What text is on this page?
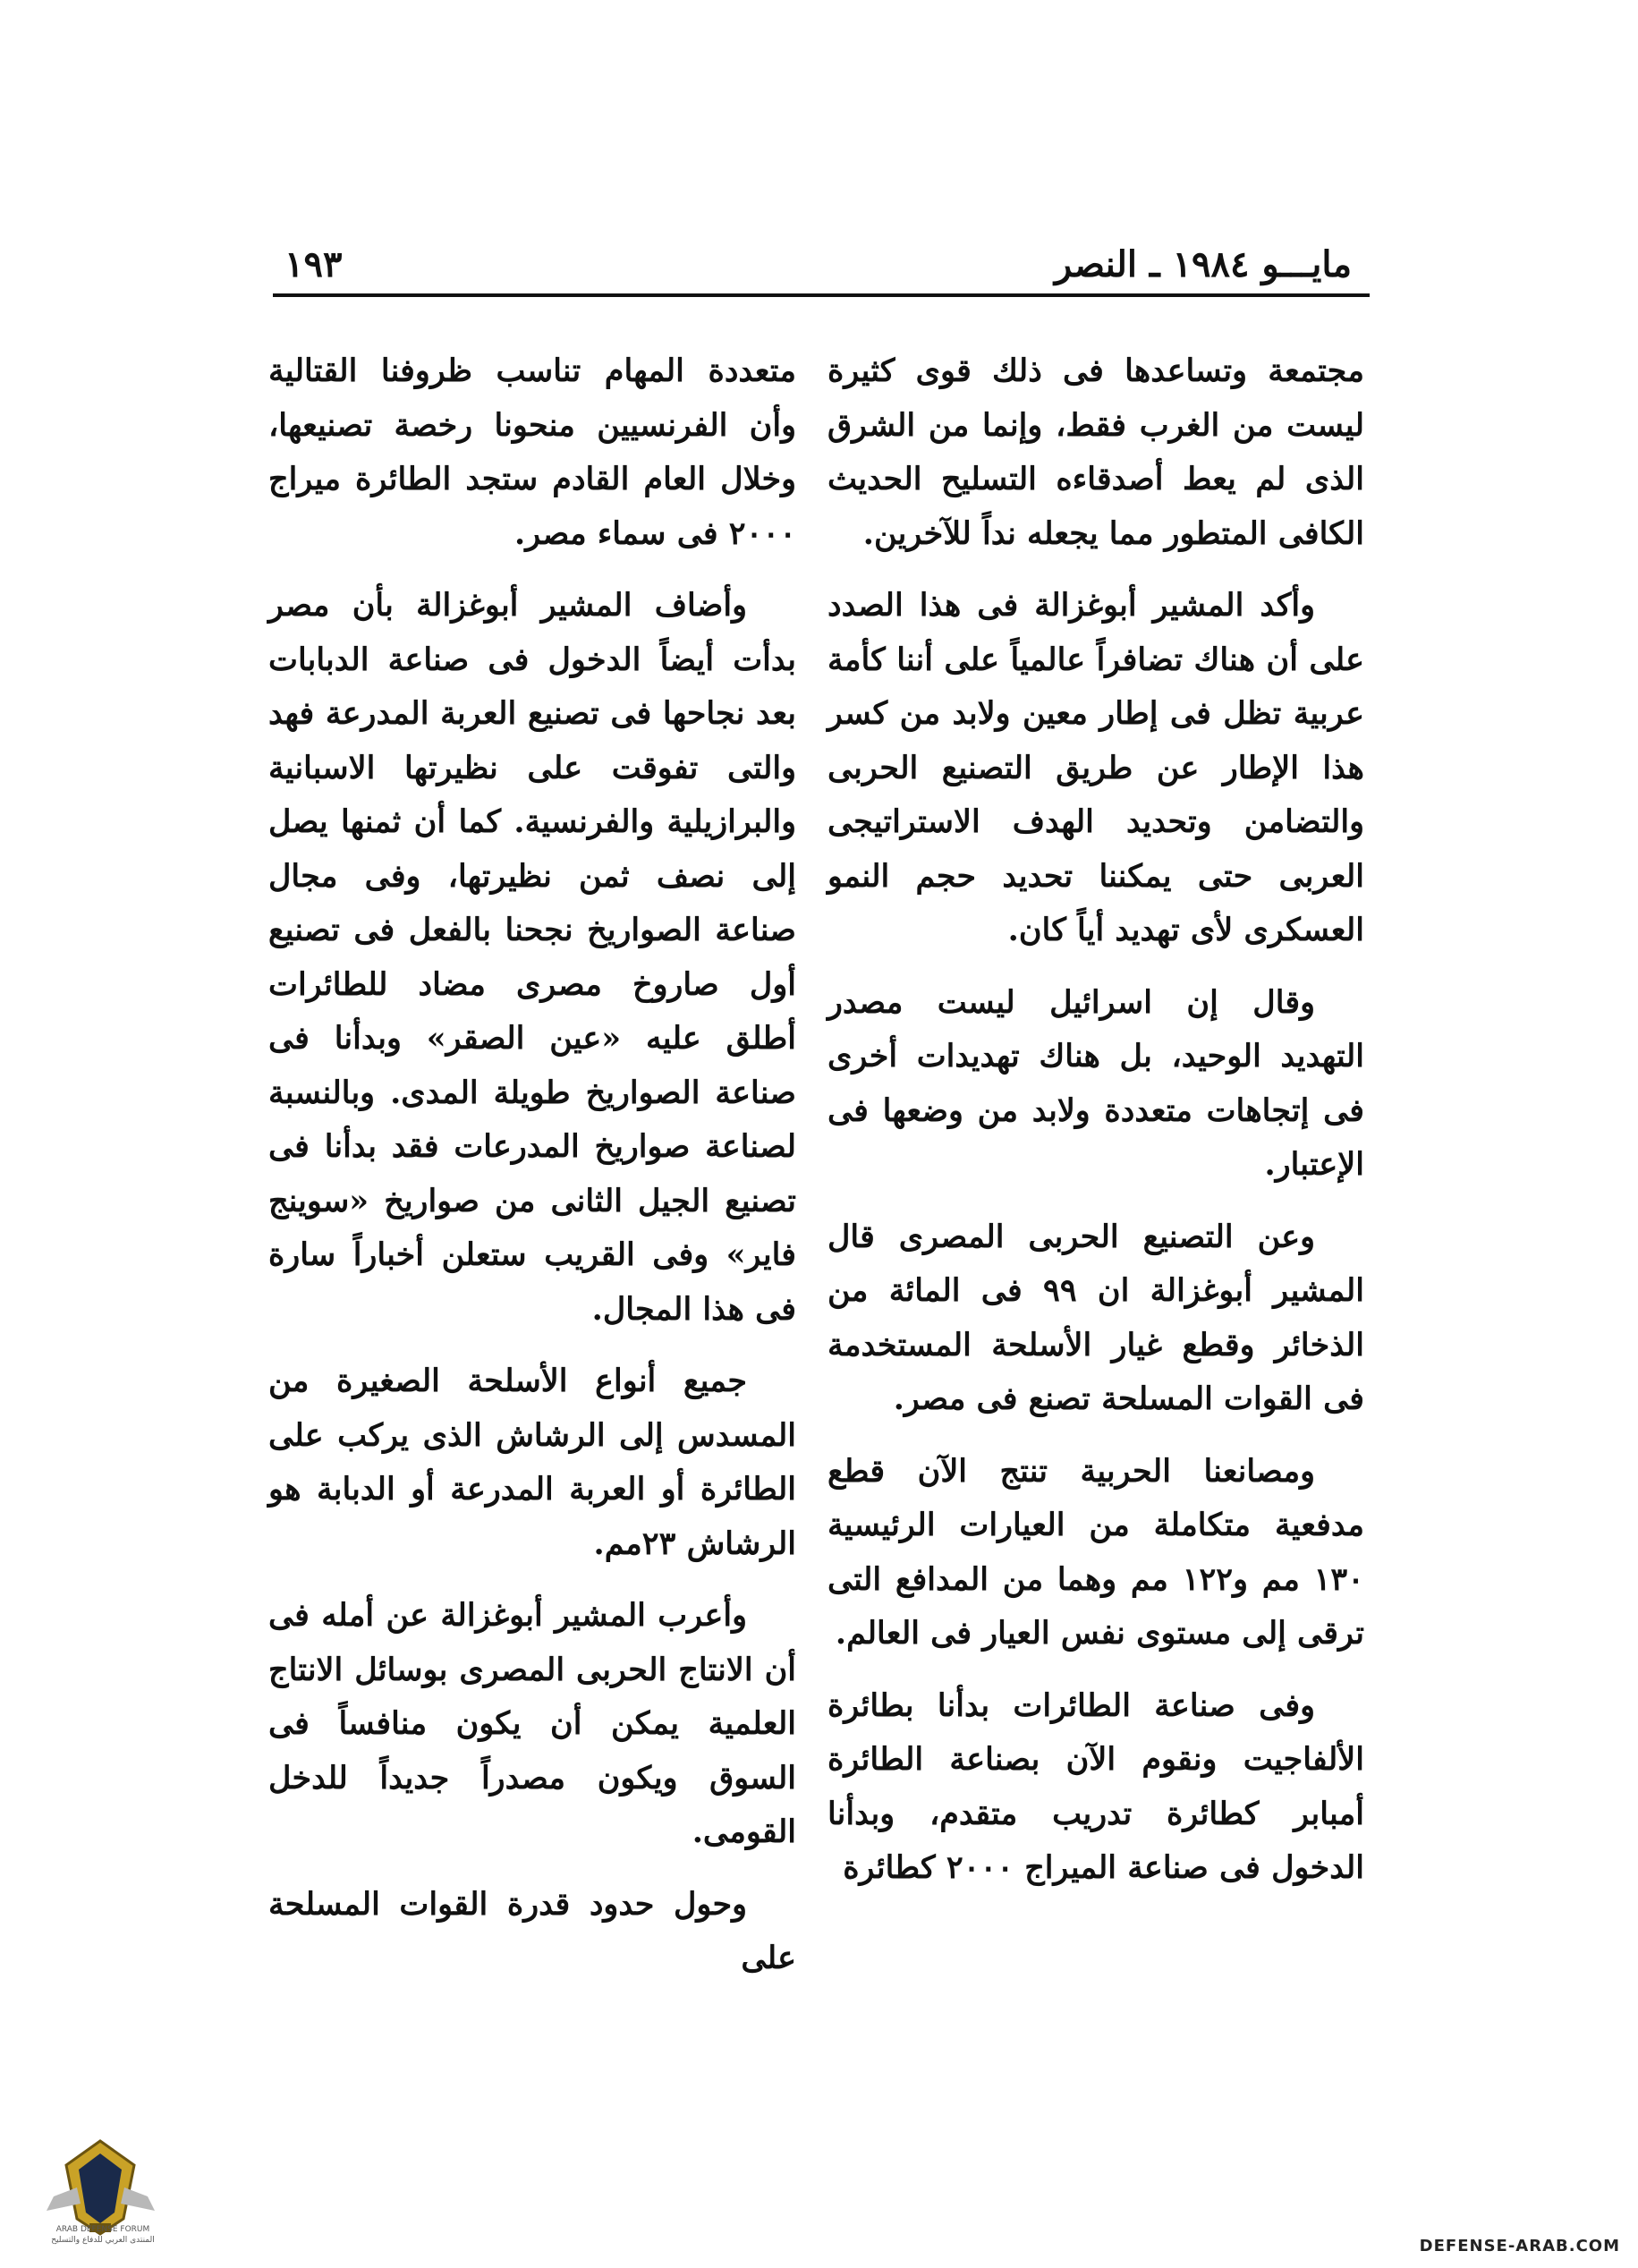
مايـــو ١٩٨٤ ـ النصر
١٩٣

مجتمعة وتساعدها فى ذلك قوى كثيرة ليست من الغرب فقط، وإنما من الشرق الذى لم يعط أصدقاءه التسليح الحديث الكافى المتطور مما يجعله نداً للآخرين.

وأكد المشير أبوغزالة فى هذا الصدد على أن هناك تضافراً عالمياً على أننا كأمة عربية تظل فى إطار معين ولابد من كسر هذا الإطار عن طريق التصنيع الحربى والتضامن وتحديد الهدف الاستراتيجى العربى حتى يمكننا تحديد حجم النمو العسكرى لأى تهديد أياً كان.

وقال إن اسرائيل ليست مصدر التهديد الوحيد، بل هناك تهديدات أخرى فى إتجاهات متعددة ولابد من وضعها فى الإعتبار.

وعن التصنيع الحربى المصرى قال المشير أبوغزالة ان ٩٩ فى المائة من الذخائر وقطع غيار الأسلحة المستخدمة فى القوات المسلحة تصنع فى مصر.

ومصانعنا الحربية تنتج الآن قطع مدفعية متكاملة من العيارات الرئيسية ١٣٠ مم و١٢٢ مم وهما من المدافع التى ترقى إلى مستوى نفس العيار فى العالم.

وفى صناعة الطائرات بدأنا بطائرة الألفاجيت ونقوم الآن بصناعة الطائرة أمبابر كطائرة تدريب متقدم، وبدأنا الدخول فى صناعة الميراج ٢٠٠٠ كطائرة

متعددة المهام تناسب ظروفنا القتالية وأن الفرنسيين منحونا رخصة تصنيعها، وخلال العام القادم ستجد الطائرة ميراج ٢٠٠٠ فى سماء مصر.

وأضاف المشير أبوغزالة بأن مصر بدأت أيضاً الدخول فى صناعة الدبابات بعد نجاحها فى تصنيع العربة المدرعة فهد والتى تفوقت على نظيرتها الاسبانية والبرازيلية والفرنسية. كما أن ثمنها يصل إلى نصف ثمن نظيرتها، وفى مجال صناعة الصواريخ نجحنا بالفعل فى تصنيع أول صاروخ مصرى مضاد للطائرات أطلق عليه «عين الصقر» وبدأنا فى صناعة الصواريخ طويلة المدى. وبالنسبة لصناعة صواريخ المدرعات فقد بدأنا فى تصنيع الجيل الثانى من صواريخ «سوينج فاير» وفى القريب ستعلن أخباراً سارة فى هذا المجال.

جميع أنواع الأسلحة الصغيرة من المسدس إلى الرشاش الذى يركب على الطائرة أو العربة المدرعة أو الدبابة هو الرشاش ٢٣مم.

وأعرب المشير أبوغزالة عن أمله فى أن الانتاج الحربى المصرى بوسائل الانتاج العلمية يمكن أن يكون منافساً فى السوق ويكون مصدراً جديداً للدخل القومى.

وحول حدود قدرة القوات المسلحة على

ARAB DEFENSE FORUM
المنتدى العربي للدفاع والتسليح	DEFENSE-ARAB.COM
